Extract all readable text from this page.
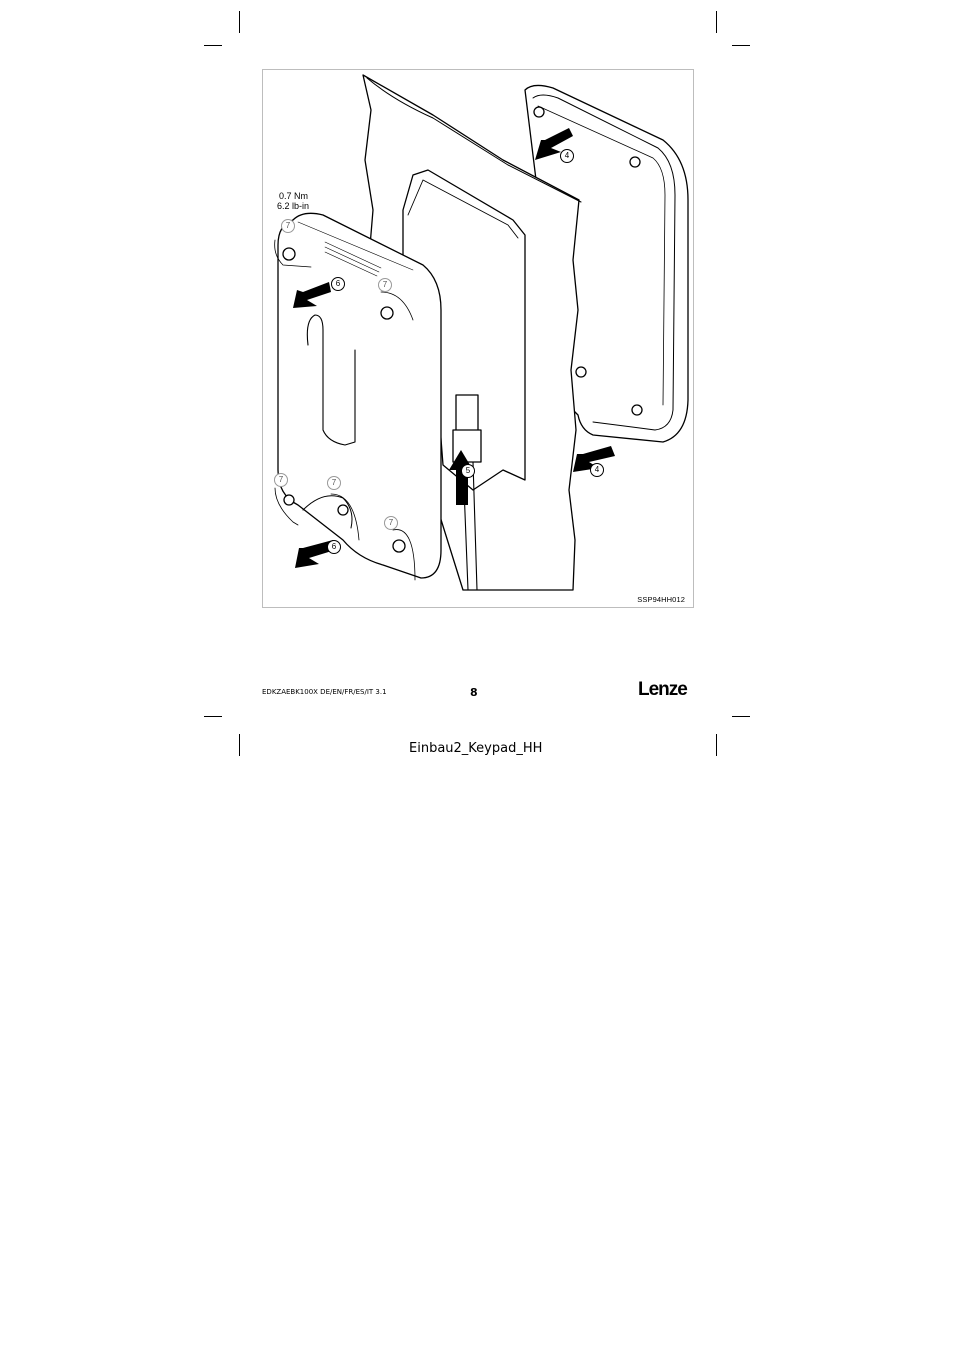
0.7 Nm
6.2 lb-in
4
4
5
6
6
7
7
7	7
7
SSP94HH012
EDKZAEBK100X DE/EN/FR/ES/IT 3.1	8	Lenze
Einbau2_Keypad_HH
